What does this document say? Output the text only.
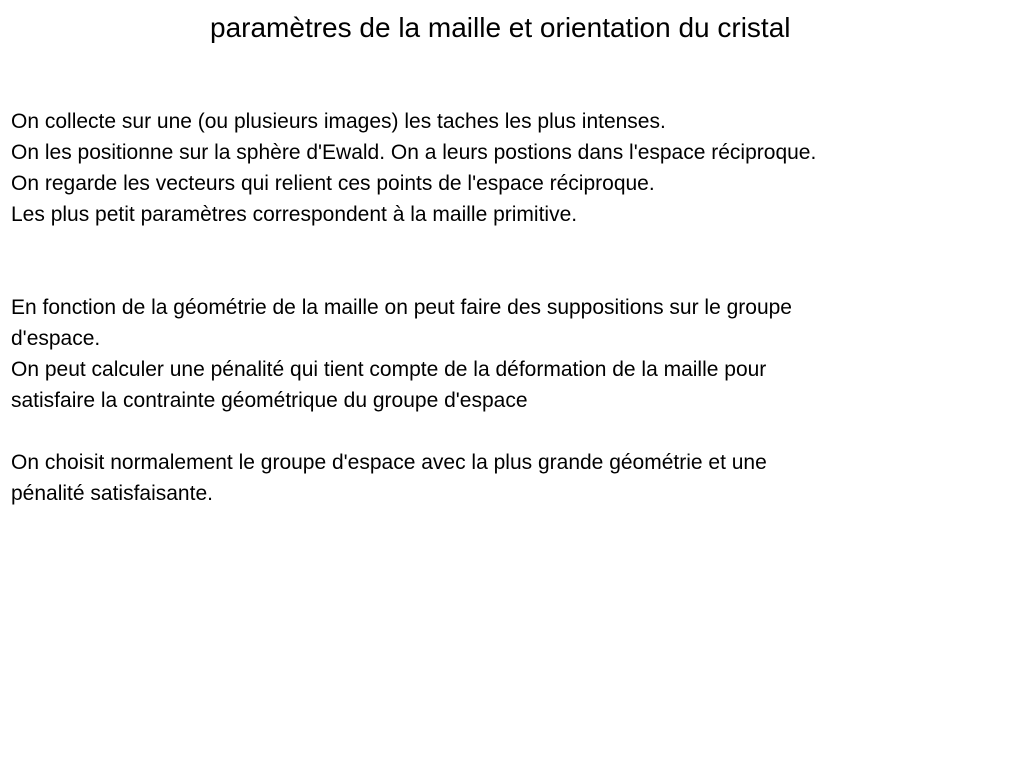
paramètres de la maille et orientation du cristal
On collecte sur une (ou plusieurs images) les taches les plus intenses.
On les positionne sur la sphère d'Ewald. On a leurs postions dans l'espace réciproque.
On regarde les vecteurs qui relient ces points de l'espace réciproque.
Les plus petit paramètres correspondent à la maille primitive.
En fonction de la géométrie de la maille on peut faire des suppositions sur le groupe
d'espace.
On peut calculer une pénalité qui tient compte de la déformation de la maille pour
satisfaire la contrainte géométrique du groupe d'espace
On choisit normalement le groupe d'espace avec la plus grande géométrie et une
pénalité satisfaisante.
